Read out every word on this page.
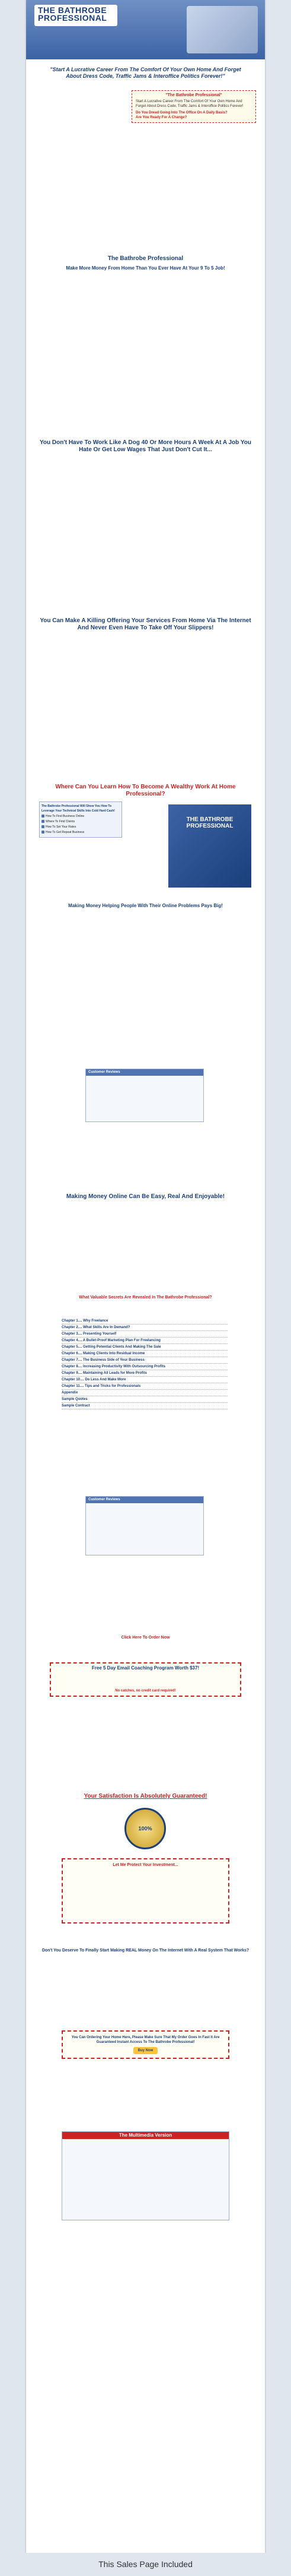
THE BATHROBE
PROFESSIONAL
"Start A Lucrative Career From The Comfort Of Your Own Home And Forget About Dress Code, Traffic Jams & Interoffice Politics Forever!"
"The Bathrobe Professional"
Start A Lucrative Career From The Comfort Of Your Own Home And Forget About Dress Code, Traffic Jams & Interoffice Politics Forever!
Do You Dread Going Into The Office On A Daily Basis?
Are You Ready For A Change?
The Bathrobe Professional
Make More Money From Home Than You Ever Have At Your 9 To 5 Job!
You Don't Have To Work Like A Dog 40 Or More Hours A Week At A Job You Hate Or Get Low Wages That Just Don't Cut It...
You Can Make A Killing Offering Your Services From Home Via The Internet And Never Even Have To Take Off Your Slippers!
Where Can You Learn How To Become A Wealthy Work At Home Professional?
The Bathrobe Professional Will Show You How To Leverage Your Technical Skills Into Cold Hard Cash!
How To Find Business Online
Where To Find Clients
How To Set Your Rates
How To Get Repeat Business
THE BATHROBE
PROFESSIONAL
Making Money Helping People With Their Online Problems Pays Big!
Customer Reviews
Making Money Online Can Be Easy, Real And Enjoyable!
What Valuable Secrets Are Revealed In The Bathrobe Professional?
Chapter 1.... Why Freelance
Chapter 2.... What Skills Are In Demand?
Chapter 3.... Presenting Yourself
Chapter 4.... A Bullet-Proof Marketing Plan For Freelancing
Chapter 5.... Getting Potential Clients And Making The Sale
Chapter 6.... Making Clients Into Residual Income
Chapter 7.... The Business Side of Your Business
Chapter 8.... Increasing Productivity With Outsourcing Profits
Chapter 9.... Maintaining All Leads for More Profits
Chapter 10.... Do Less And Make More
Chapter 11.... Tips and Tricks for Professionals
Appendix
Sample Quotes
Sample Contract
Customer Reviews
Click Here To Order Now
Free 5 Day Email Coaching Program Worth $37!
No catches, no credit card required!
Your Satisfaction Is Absolutely Guaranteed!
100%
Let Me Protect Your Investment...
Don't You Deserve To Finally Start Making REAL Money On The Internet With A Real System That Works?
You Can Ordering Your Home Here, Please Make Sure That My Order Goes In Fast It Are Guaranteed Instant Access To The Bathrobe Professional!
Buy Now
The Multimedia Version
This Sales Page Included
